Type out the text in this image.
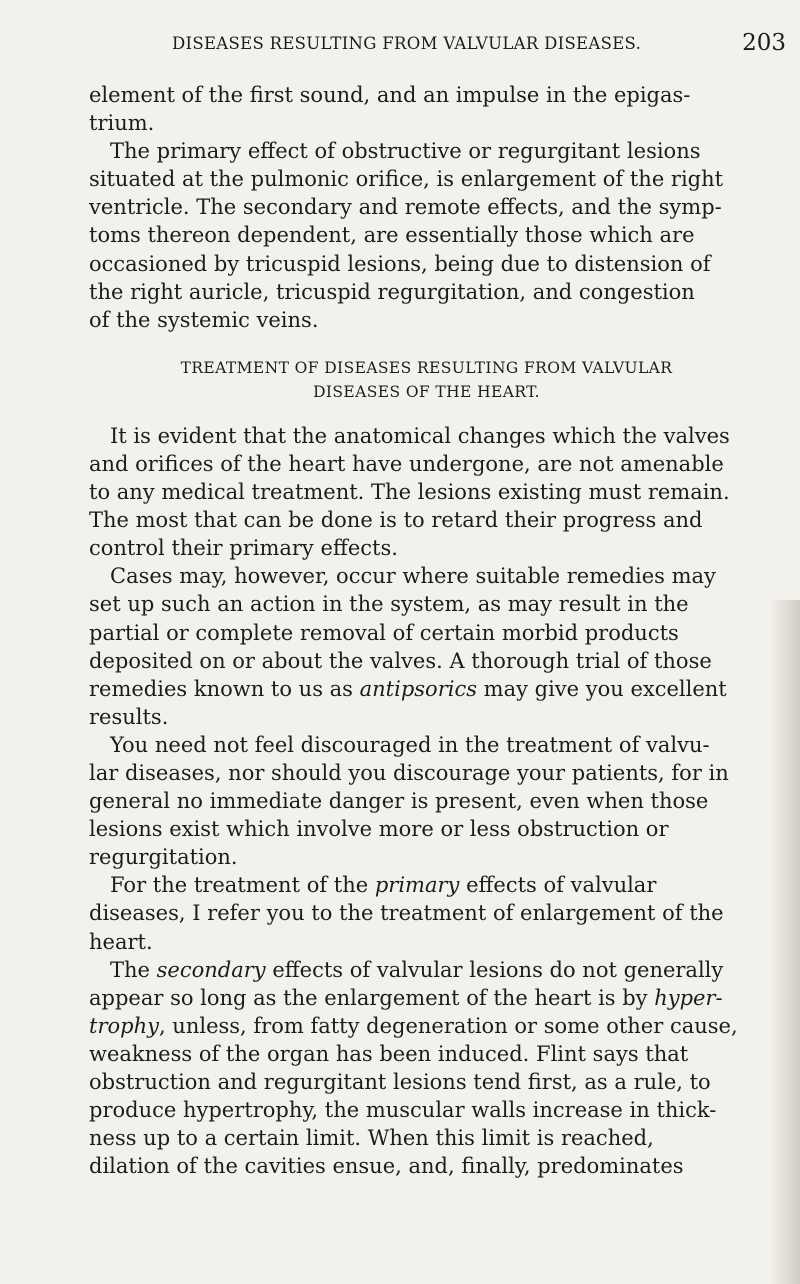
DISEASES RESULTING FROM VALVULAR DISEASES.	203
element of the first sound, and an impulse in the epigas-
trium.
The primary effect of obstructive or regurgitant lesions
situated at the pulmonic orifice, is enlargement of the right
ventricle. The secondary and remote effects, and the symp-
toms thereon dependent, are essentially those which are
occasioned by tricuspid lesions, being due to distension of
the right auricle, tricuspid regurgitation, and congestion
of the systemic veins.
TREATMENT OF DISEASES RESULTING FROM VALVULAR
DISEASES OF THE HEART.
It is evident that the anatomical changes which the valves
and orifices of the heart have undergone, are not amenable
to any medical treatment. The lesions existing must remain.
The most that can be done is to retard their progress and
control their primary effects.
Cases may, however, occur where suitable remedies may
set up such an action in the system, as may result in the
partial or complete removal of certain morbid products
deposited on or about the valves. A thorough trial of those
remedies known to us as antipsorics may give you excellent
results.
You need not feel discouraged in the treatment of valvu-
lar diseases, nor should you discourage your patients, for in
general no immediate danger is present, even when those
lesions exist which involve more or less obstruction or
regurgitation.
For the treatment of the primary effects of valvular
diseases, I refer you to the treatment of enlargement of the
heart.
The secondary effects of valvular lesions do not generally
appear so long as the enlargement of the heart is by hyper-
trophy, unless, from fatty degeneration or some other cause,
weakness of the organ has been induced. Flint says that
obstruction and regurgitant lesions tend first, as a rule, to
produce hypertrophy, the muscular walls increase in thick-
ness up to a certain limit. When this limit is reached,
dilation of the cavities ensue, and, finally, predominates
